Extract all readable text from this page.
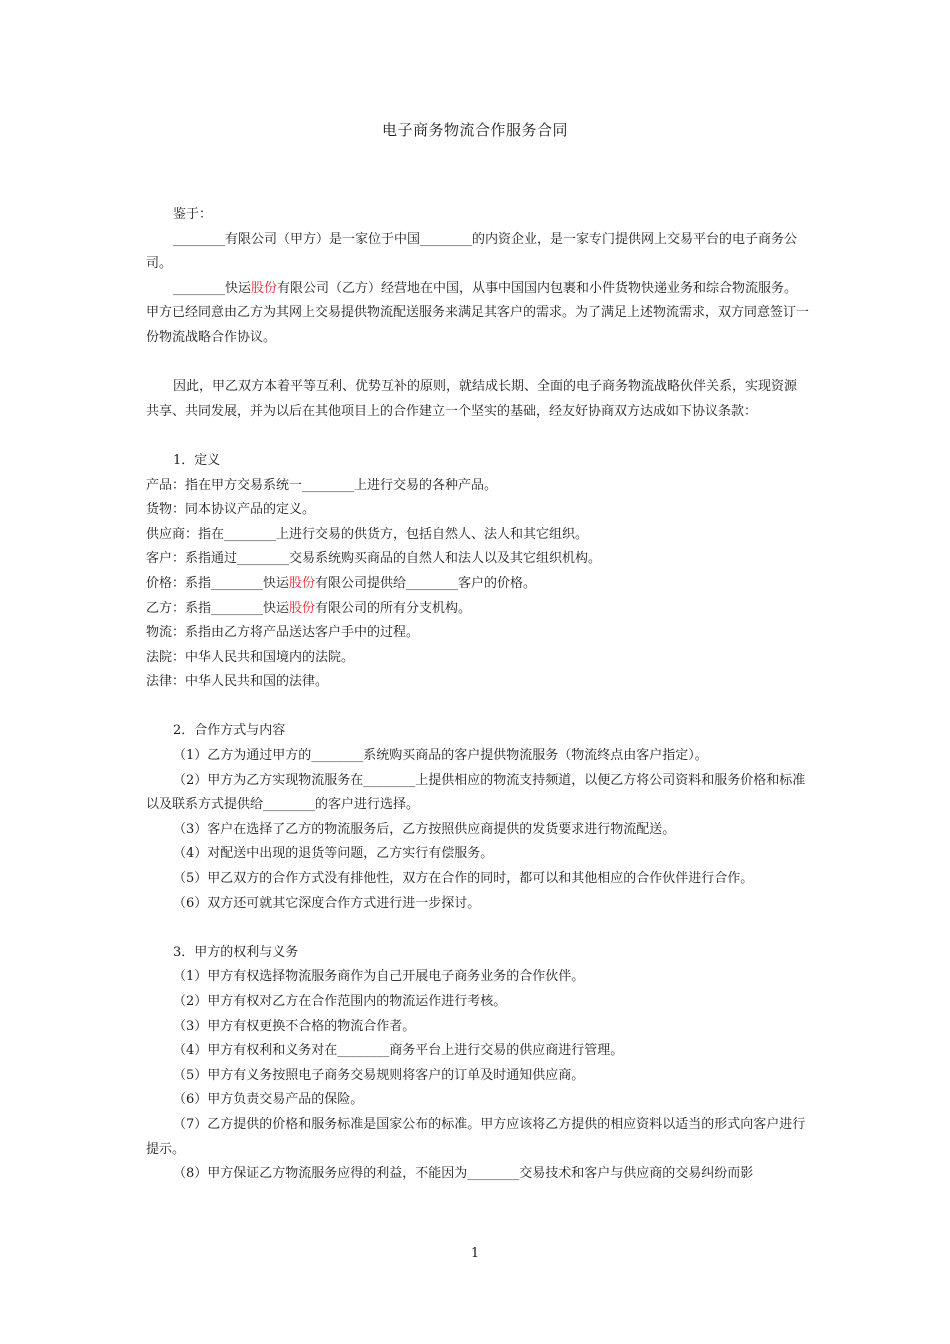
电子商务物流合作服务合同

鉴于：

________有限公司（甲方）是一家位于中国________的内资企业，是一家专门提供网上交易平台的电子商务公司。

________快运股份有限公司（乙方）经营地在中国，从事中国国内包裹和小件货物快递业务和综合物流服务。甲方已经同意由乙方为其网上交易提供物流配送服务来满足其客户的需求。为了满足上述物流需求，双方同意签订一份物流战略合作协议。

因此，甲乙双方本着平等互利、优势互补的原则，就结成长期、全面的电子商务物流战略伙伴关系，实现资源共享、共同发展，并为以后在其他项目上的合作建立一个坚实的基础，经友好协商双方达成如下协议条款：

1．定义

产品：指在甲方交易系统一________上进行交易的各种产品。

货物：同本协议产品的定义。

供应商：指在________上进行交易的供货方，包括自然人、法人和其它组织。

客户：系指通过________交易系统购买商品的自然人和法人以及其它组织机构。

价格：系指________快运股份有限公司提供给________客户的价格。

乙方：系指________快运股份有限公司的所有分支机构。

物流：系指由乙方将产品送达客户手中的过程。

法院：中华人民共和国境内的法院。

法律：中华人民共和国的法律。

2．合作方式与内容

（1）乙方为通过甲方的________系统购买商品的客户提供物流服务（物流终点由客户指定）。

（2）甲方为乙方实现物流服务在________上提供相应的物流支持频道，以便乙方将公司资料和服务价格和标准以及联系方式提供给________的客户进行选择。

（3）客户在选择了乙方的物流服务后，乙方按照供应商提供的发货要求进行物流配送。

（4）对配送中出现的退货等问题，乙方实行有偿服务。

（5）甲乙双方的合作方式没有排他性，双方在合作的同时，都可以和其他相应的合作伙伴进行合作。

（6）双方还可就其它深度合作方式进行进一步探讨。

3．甲方的权利与义务

（1）甲方有权选择物流服务商作为自己开展电子商务业务的合作伙伴。

（2）甲方有权对乙方在合作范围内的物流运作进行考核。

（3）甲方有权更换不合格的物流合作者。

（4）甲方有权利和义务对在________商务平台上进行交易的供应商进行管理。

（5）甲方有义务按照电子商务交易规则将客户的订单及时通知供应商。

（6）甲方负责交易产品的保险。

（7）乙方提供的价格和服务标准是国家公布的标准。甲方应该将乙方提供的相应资料以适当的形式向客户进行提示。

（8）甲方保证乙方物流服务应得的利益，不能因为________交易技术和客户与供应商的交易纠纷而影

1
